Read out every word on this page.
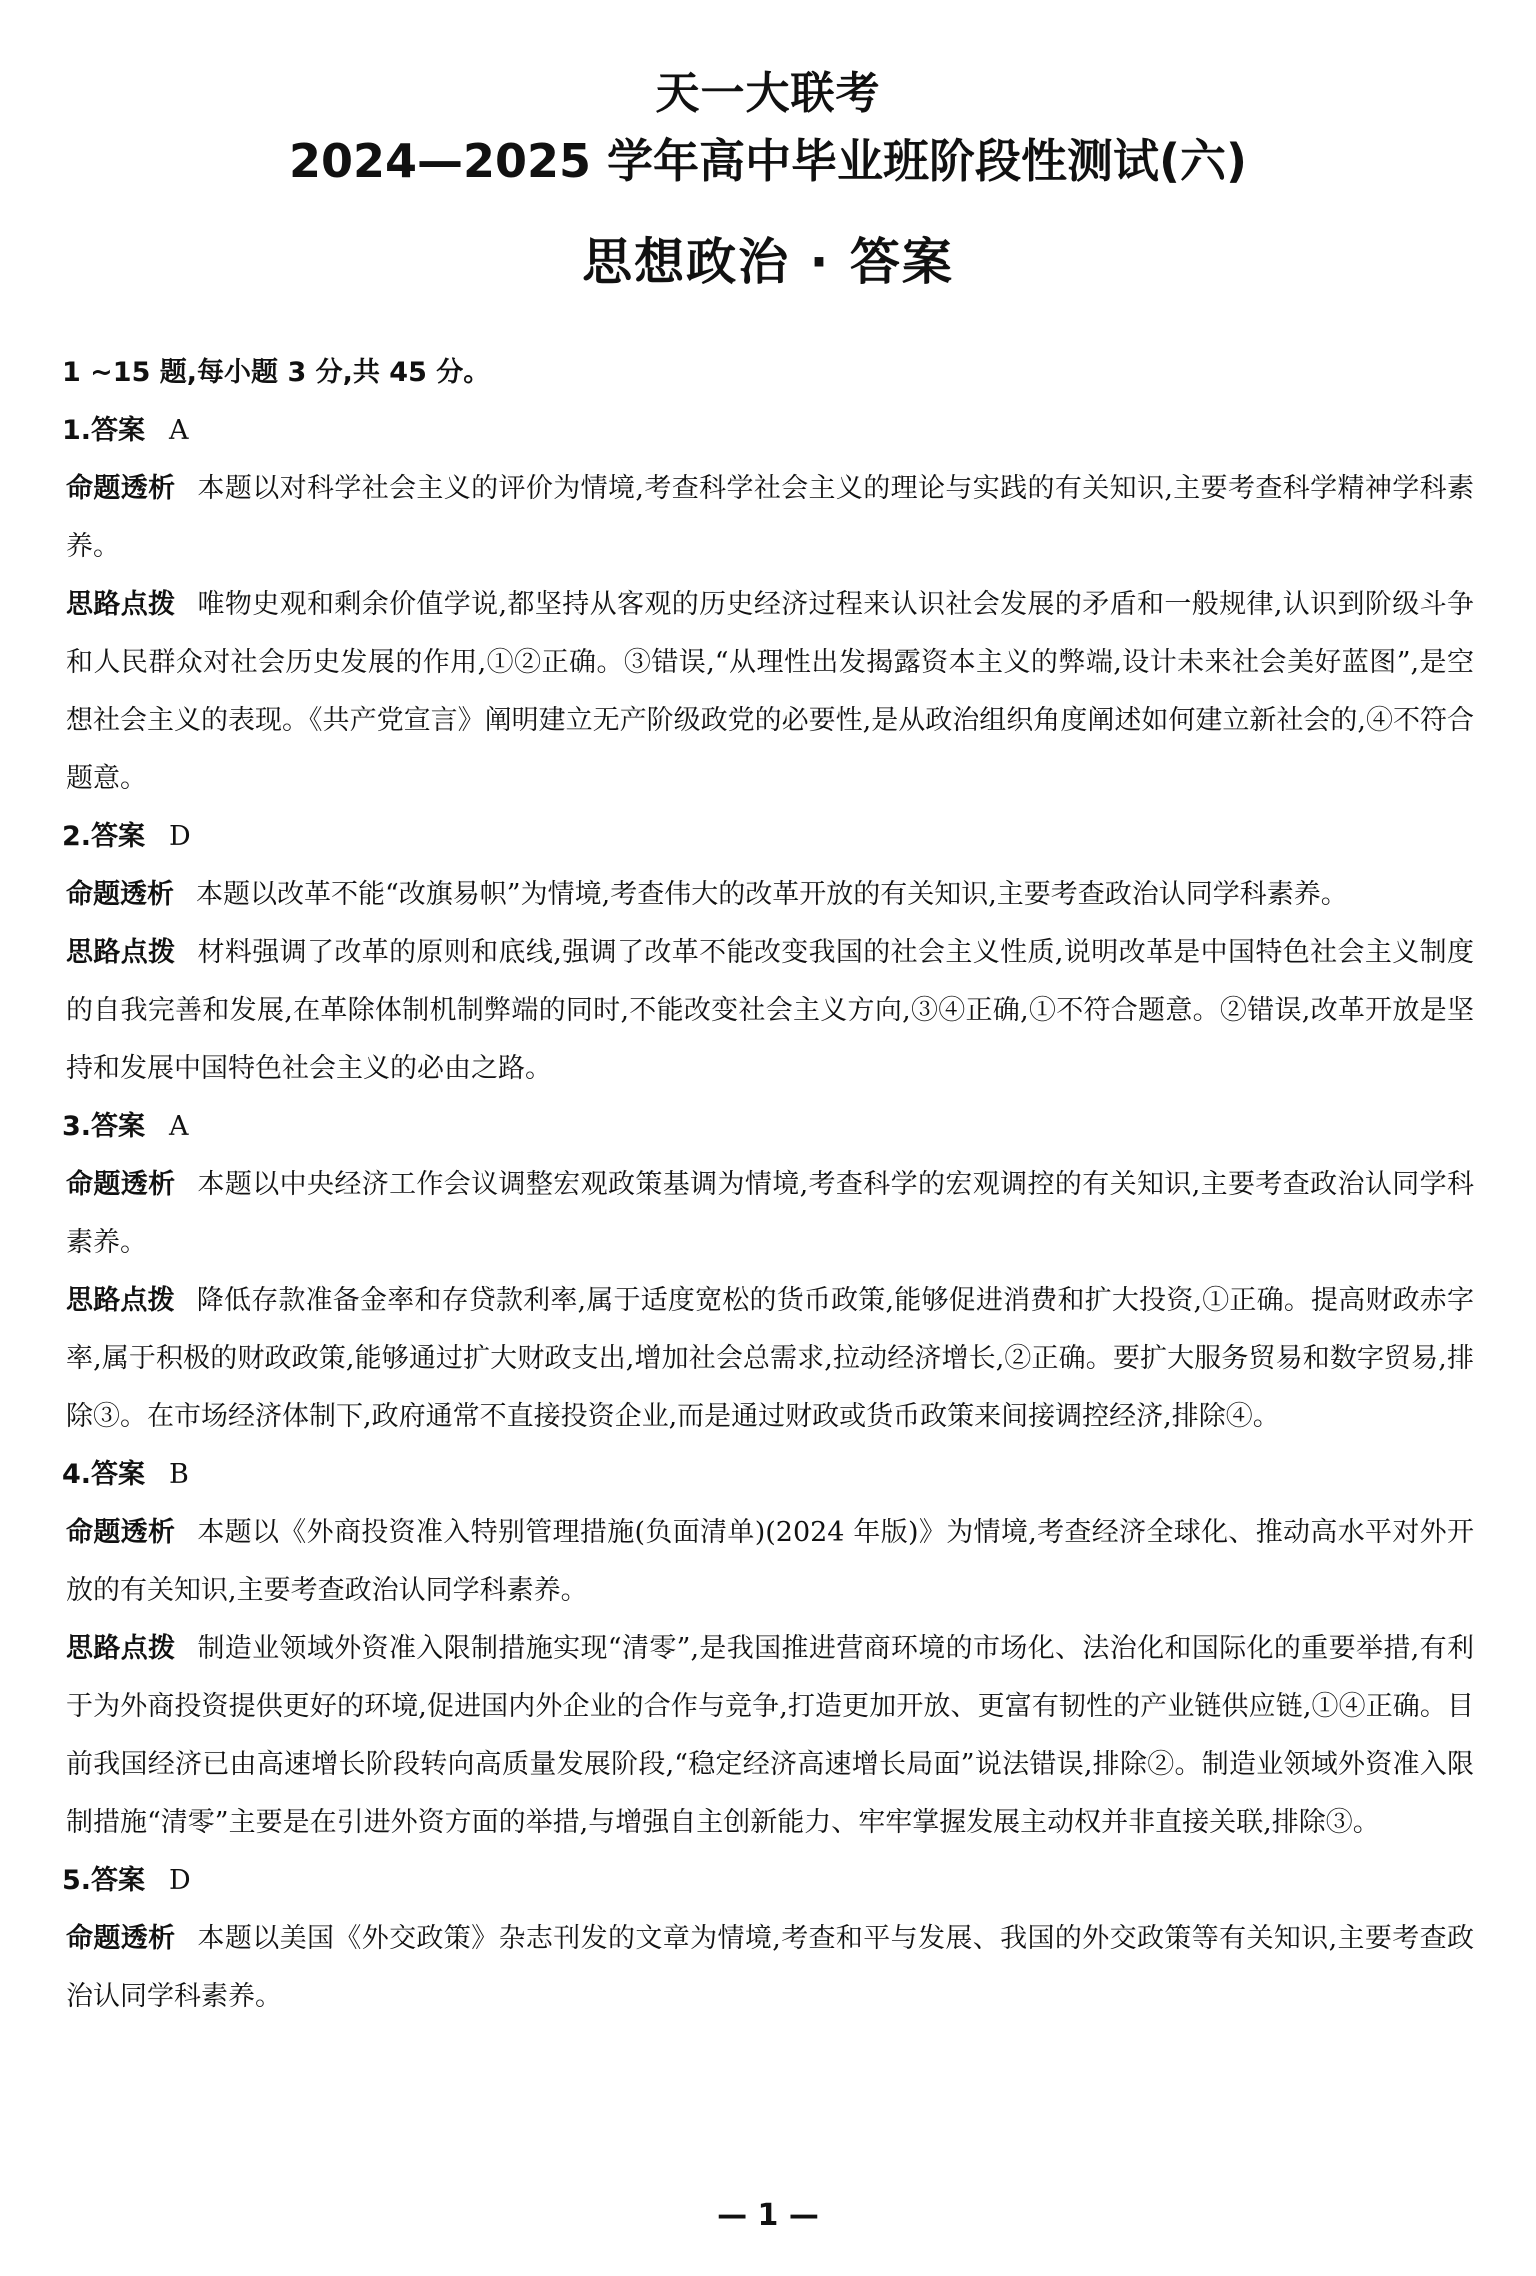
天一大联考
2024—2025 学年高中毕业班阶段性测试(六)
思想政治 · 答案
1 ~15 题,每小题 3 分,共 45 分。
1.答案 A
命题透析 本题以对科学社会主义的评价为情境,考查科学社会主义的理论与实践的有关知识,主要考查科学精神学科素养。
思路点拨 唯物史观和剩余价值学说,都坚持从客观的历史经济过程来认识社会发展的矛盾和一般规律,认识到阶级斗争和人民群众对社会历史发展的作用,①②正确。③错误,“从理性出发揭露资本主义的弊端,设计未来社会美好蓝图”,是空想社会主义的表现。《共产党宣言》阐明建立无产阶级政党的必要性,是从政治组织角度阐述如何建立新社会的,④不符合题意。
2.答案 D
命题透析 本题以改革不能“改旗易帜”为情境,考查伟大的改革开放的有关知识,主要考查政治认同学科素养。
思路点拨 材料强调了改革的原则和底线,强调了改革不能改变我国的社会主义性质,说明改革是中国特色社会主义制度的自我完善和发展,在革除体制机制弊端的同时,不能改变社会主义方向,③④正确,①不符合题意。②错误,改革开放是坚持和发展中国特色社会主义的必由之路。
3.答案 A
命题透析 本题以中央经济工作会议调整宏观政策基调为情境,考查科学的宏观调控的有关知识,主要考查政治认同学科素养。
思路点拨 降低存款准备金率和存贷款利率,属于适度宽松的货币政策,能够促进消费和扩大投资,①正确。提高财政赤字率,属于积极的财政政策,能够通过扩大财政支出,增加社会总需求,拉动经济增长,②正确。要扩大服务贸易和数字贸易,排除③。在市场经济体制下,政府通常不直接投资企业,而是通过财政或货币政策来间接调控经济,排除④。
4.答案 B
命题透析 本题以《外商投资准入特别管理措施(负面清单)(2024 年版)》为情境,考查经济全球化、推动高水平对外开放的有关知识,主要考查政治认同学科素养。
思路点拨 制造业领域外资准入限制措施实现“清零”,是我国推进营商环境的市场化、法治化和国际化的重要举措,有利于为外商投资提供更好的环境,促进国内外企业的合作与竞争,打造更加开放、更富有韧性的产业链供应链,①④正确。目前我国经济已由高速增长阶段转向高质量发展阶段,“稳定经济高速增长局面”说法错误,排除②。制造业领域外资准入限制措施“清零”主要是在引进外资方面的举措,与增强自主创新能力、牢牢掌握发展主动权并非直接关联,排除③。
5.答案 D
命题透析 本题以美国《外交政策》杂志刊发的文章为情境,考查和平与发展、我国的外交政策等有关知识,主要考查政治认同学科素养。
— 1 —
